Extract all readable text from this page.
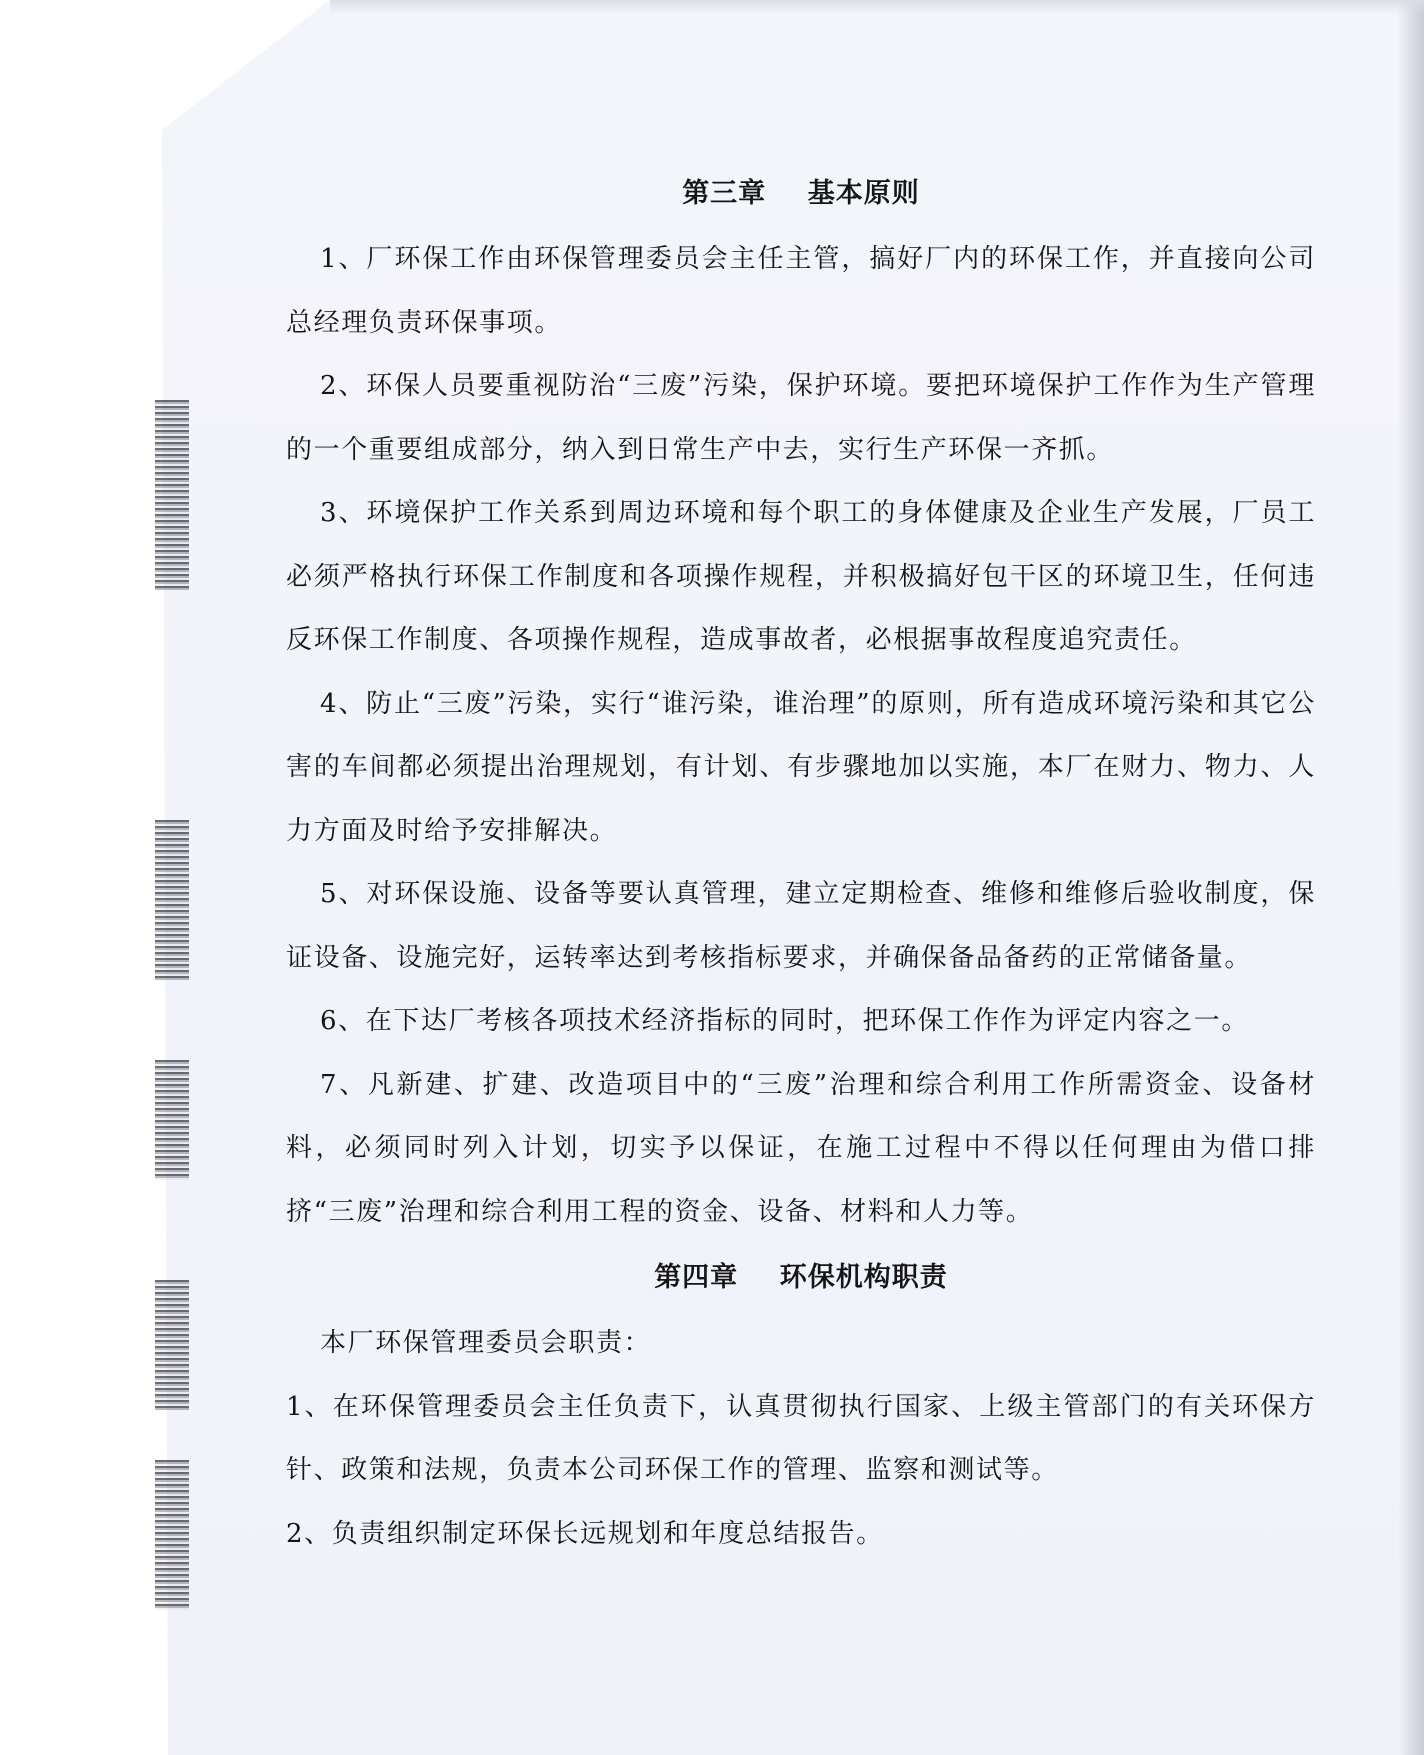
第三章    基本原则

1、厂环保工作由环保管理委员会主任主管，搞好厂内的环保工作，并直接向公司总经理负责环保事项。

2、环保人员要重视防治“三废”污染，保护环境。要把环境保护工作作为生产管理的一个重要组成部分，纳入到日常生产中去，实行生产环保一齐抓。

3、环境保护工作关系到周边环境和每个职工的身体健康及企业生产发展，厂员工必须严格执行环保工作制度和各项操作规程，并积极搞好包干区的环境卫生，任何违反环保工作制度、各项操作规程，造成事故者，必根据事故程度追究责任。

4、防止“三废”污染，实行“谁污染，谁治理”的原则，所有造成环境污染和其它公害的车间都必须提出治理规划，有计划、有步骤地加以实施，本厂在财力、物力、人力方面及时给予安排解决。

5、对环保设施、设备等要认真管理，建立定期检查、维修和维修后验收制度，保证设备、设施完好，运转率达到考核指标要求，并确保备品备药的正常储备量。

6、在下达厂考核各项技术经济指标的同时，把环保工作作为评定内容之一。

7、凡新建、扩建、改造项目中的“三废”治理和综合利用工作所需资金、设备材料，必须同时列入计划，切实予以保证，在施工过程中不得以任何理由为借口排挤“三废”治理和综合利用工程的资金、设备、材料和人力等。

第四章    环保机构职责

本厂环保管理委员会职责：

1、在环保管理委员会主任负责下，认真贯彻执行国家、上级主管部门的有关环保方针、政策和法规，负责本公司环保工作的管理、监察和测试等。

2、负责组织制定环保长远规划和年度总结报告。
